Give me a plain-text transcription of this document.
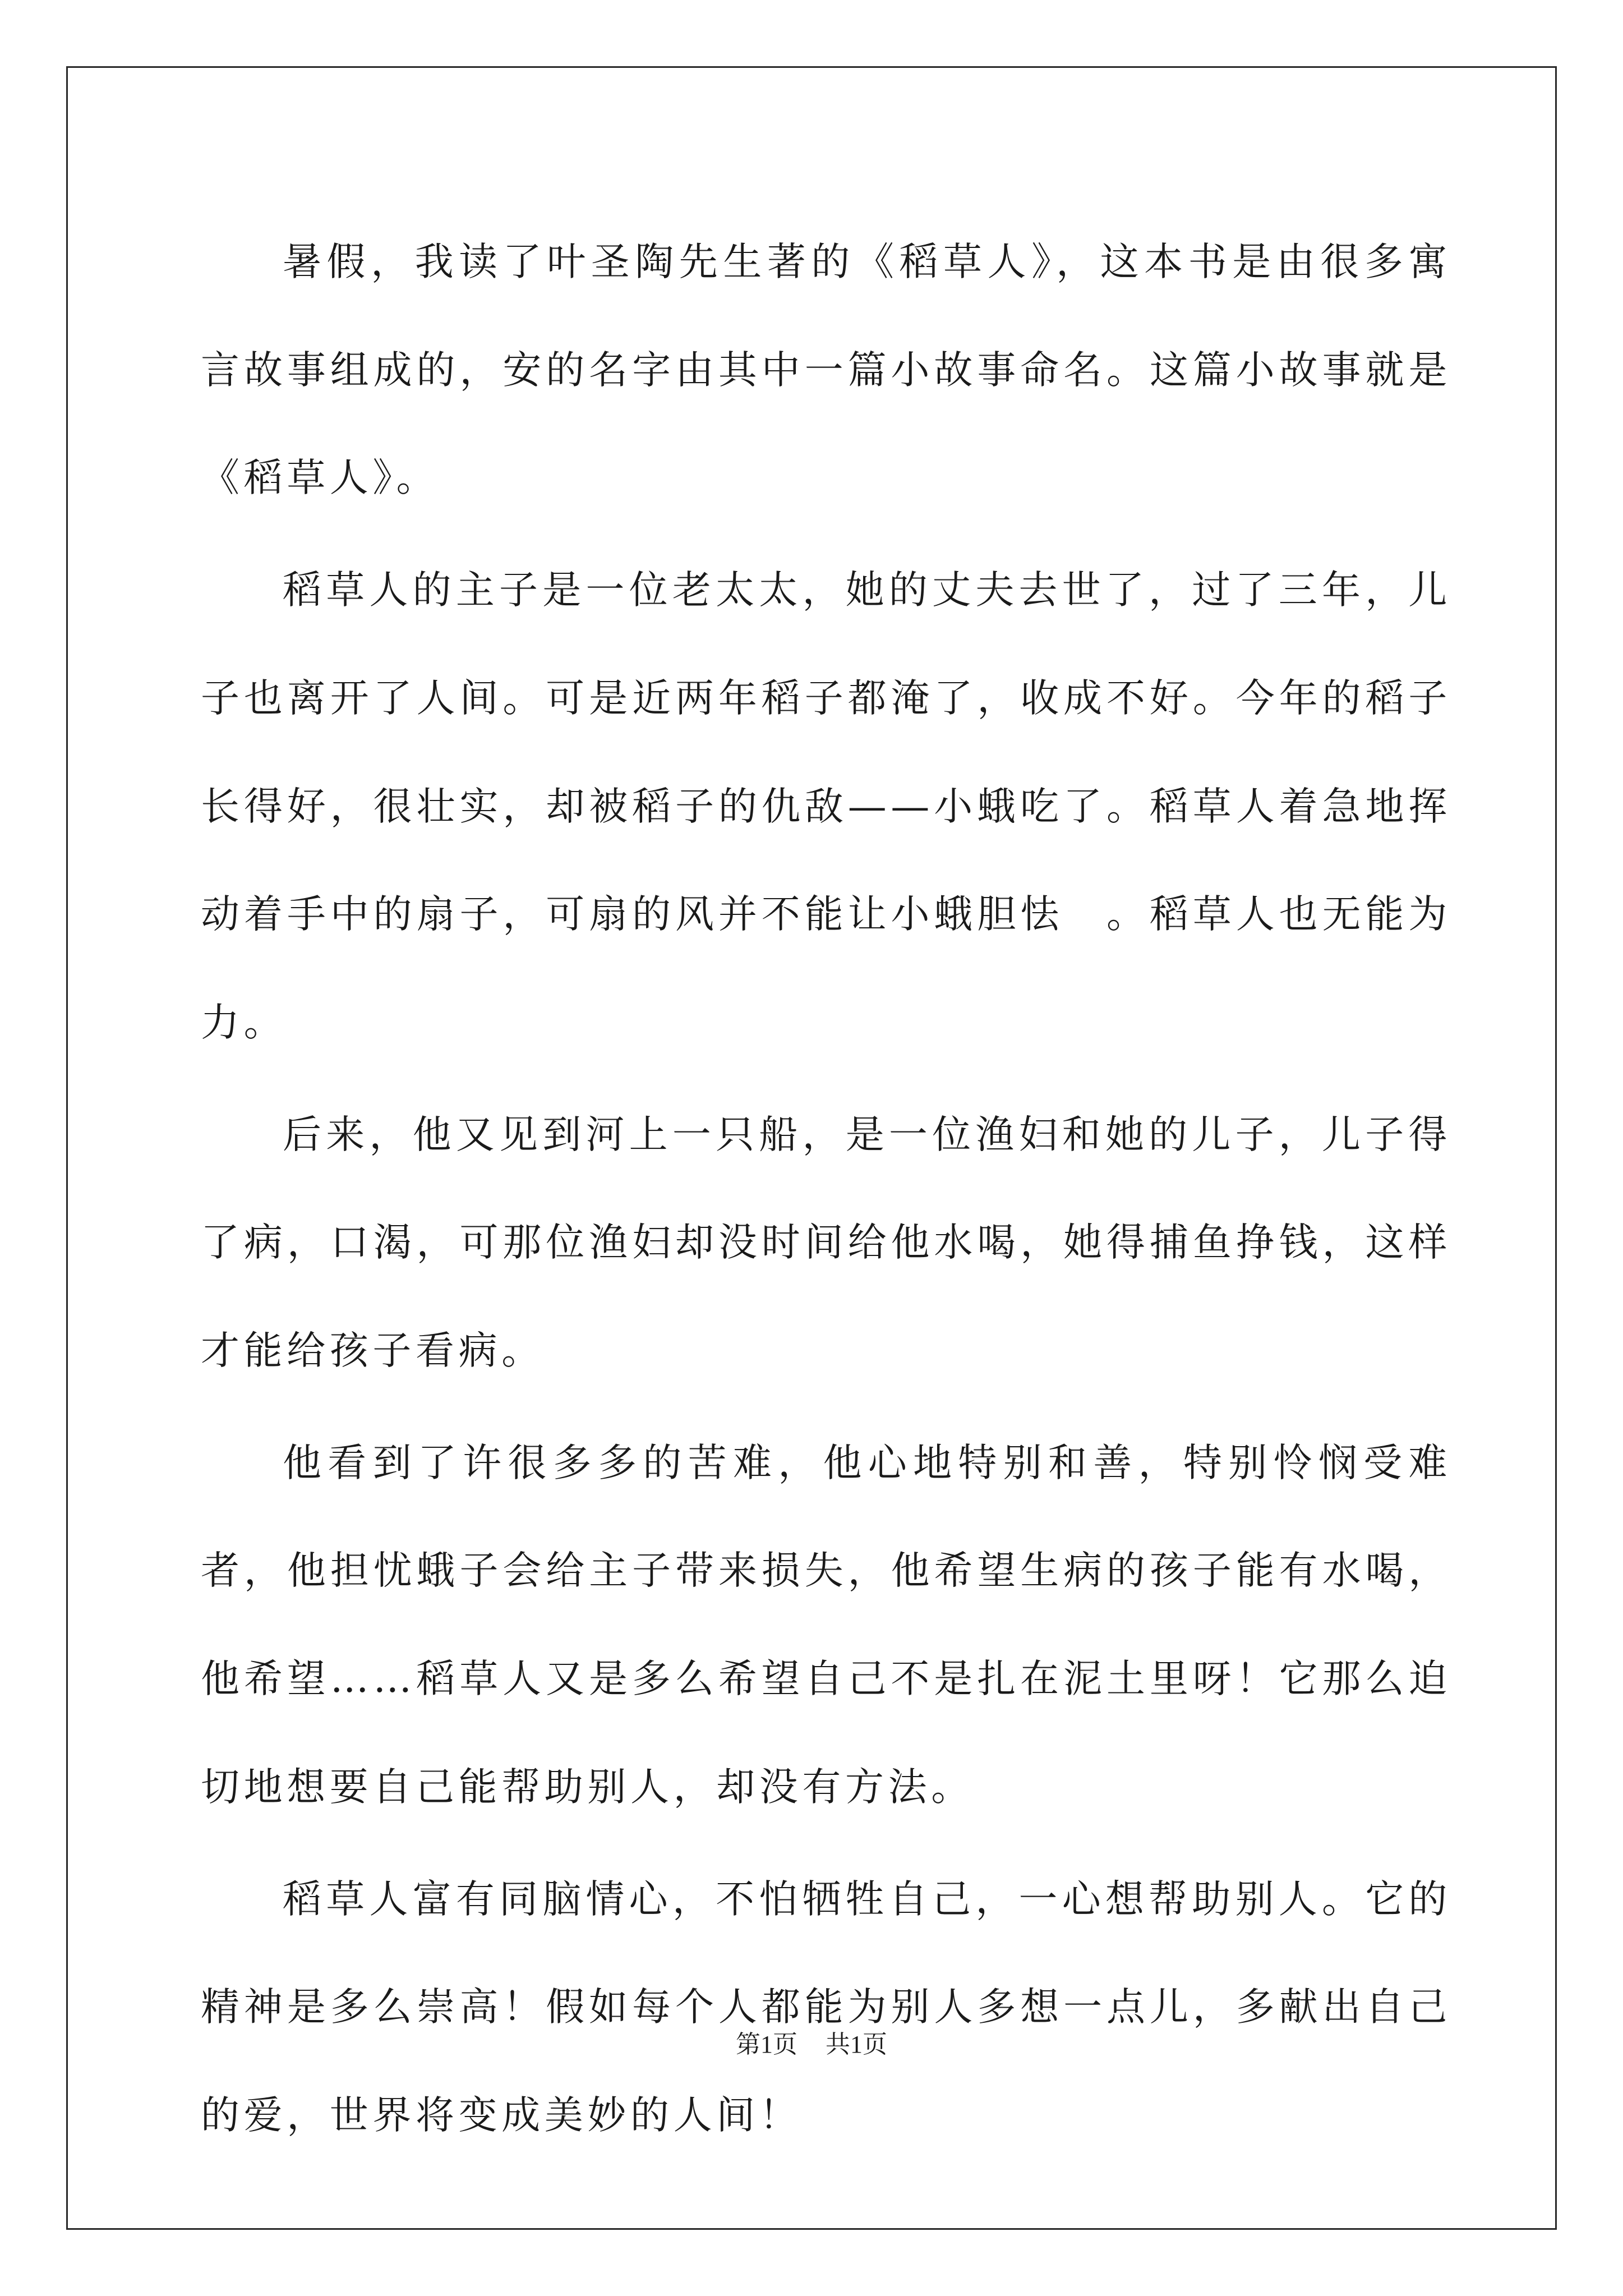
暑假，我读了叶圣陶先生著的《稻草人》，这本书是由很多寓言故事组成的，安的名字由其中一篇小故事命名。这篇小故事就是《稻草人》。

稻草人的主子是一位老太太，她的丈夫去世了，过了三年，儿子也离开了人间。可是近两年稻子都淹了，收成不好。今年的稻子长得好，很壮实，却被稻子的仇敌——小蛾吃了。稻草人着急地挥动着手中的扇子，可扇的风并不能让小蛾胆怯　。稻草人也无能为力。

后来，他又见到河上一只船，是一位渔妇和她的儿子，儿子得了病，口渴，可那位渔妇却没时间给他水喝，她得捕鱼挣钱，这样才能给孩子看病。

他看到了许很多多的苦难，他心地特别和善，特别怜悯受难者，他担忧蛾子会给主子带来损失，他希望生病的孩子能有水喝，他希望……稻草人又是多么希望自己不是扎在泥土里呀！它那么迫切地想要自己能帮助别人，却没有方法。

稻草人富有同脑情心，不怕牺牲自己，一心想帮助别人。它的精神是多么崇高！假如每个人都能为别人多想一点儿，多献出自己的爱，世界将变成美妙的人间！

第1页 共1页
